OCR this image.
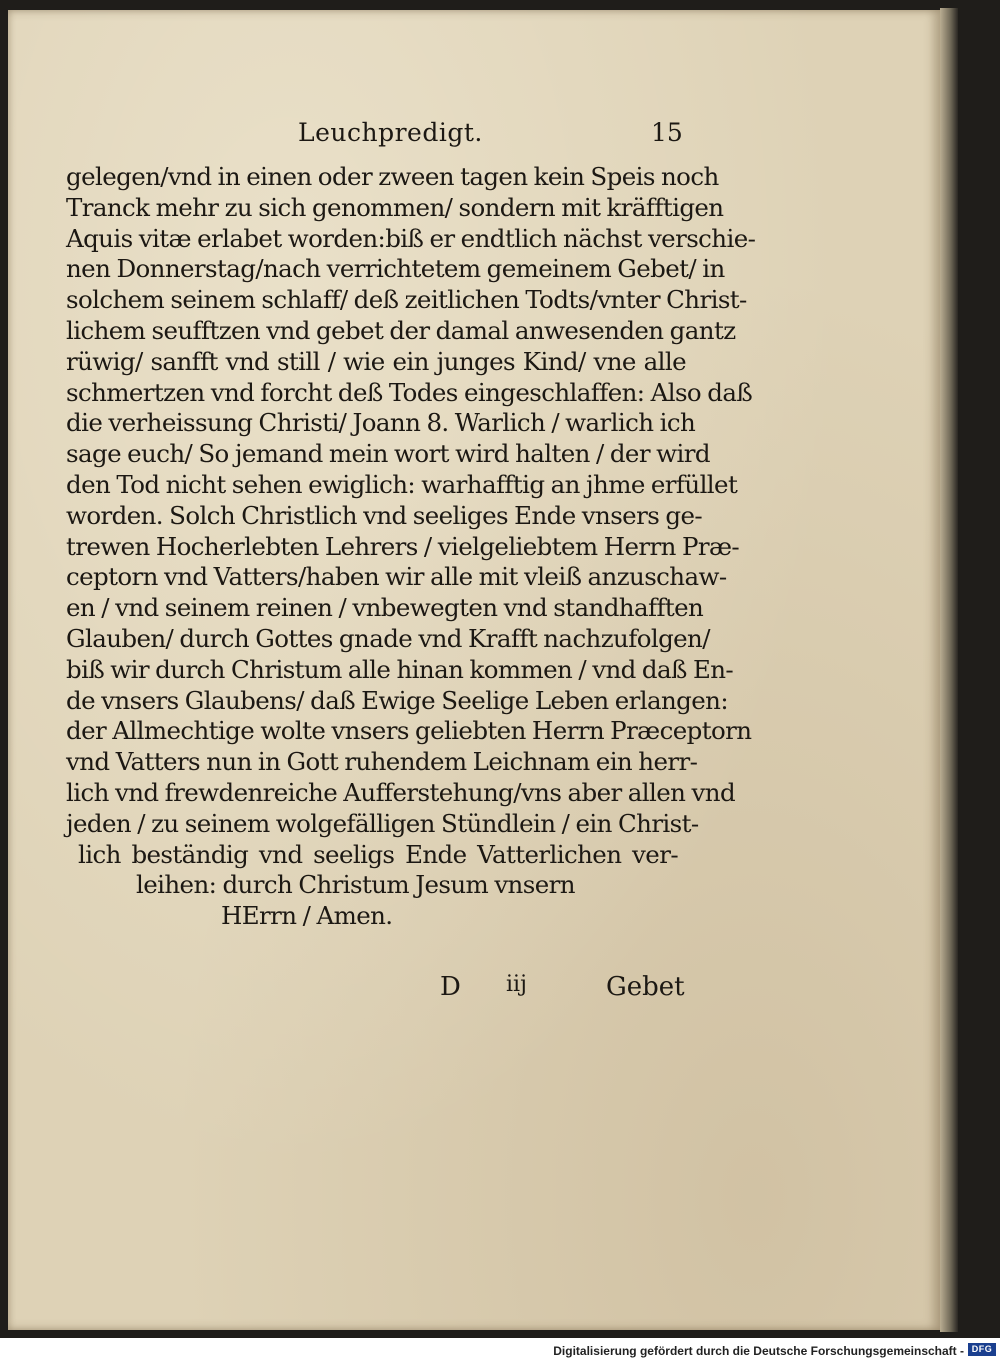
Leuchpredigt.	15
gelegen/vnd in einen oder zween tagen kein Speis noch
Tranck mehr zu sich genommen/ sondern mit kräfftigen
Aquis vitæ erlabet worden:biß er endtlich nächst verschie-
nen Donnerstag/nach verrichtetem gemeinem Gebet/ in
solchem seinem schlaff/ deß zeitlichen Todts/vnter Christ-
lichem seufftzen vnd gebet der damal anwesenden gantz
rüwig/ sanfft vnd still / wie ein junges Kind/ vne alle
schmertzen vnd forcht deß Todes eingeschlaffen: Also daß
die verheissung Christi/ Joann 8. Warlich / warlich ich
sage euch/ So jemand mein wort wird halten / der wird
den Tod nicht sehen ewiglich: warhafftig an jhme erfüllet
worden. Solch Christlich vnd seeliges Ende vnsers ge-
trewen Hocherlebten Lehrers / vielgeliebtem Herrn Præ-
ceptorn vnd Vatters/haben wir alle mit vleiß anzuschaw-
en / vnd seinem reinen / vnbewegten vnd standhafften
Glauben/ durch Gottes gnade vnd Krafft nachzufolgen/
biß wir durch Christum alle hinan kommen / vnd daß En-
de vnsers Glaubens/ daß Ewige Seelige Leben erlangen:
der Allmechtige wolte vnsers geliebten Herrn Præceptorn
vnd Vatters nun in Gott ruhendem Leichnam ein herr-
lich vnd frewdenreiche Aufferstehung/vns aber allen vnd
jeden / zu seinem wolgefälligen Stündlein / ein Christ-
lich beständig vnd seeligs Ende Vatterlichen ver-
leihen: durch Christum Jesum vnsern
HErrn / Amen.
D iij	Gebet
Digitalisierung gefördert durch die Deutsche Forschungsgemeinschaft - DFG
